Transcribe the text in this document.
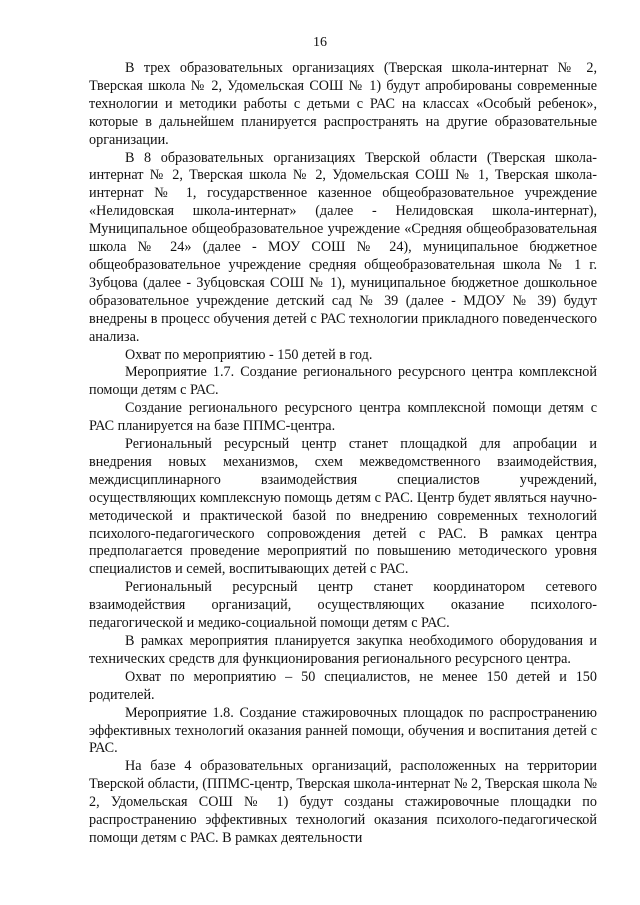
16

В трех образовательных организациях (Тверская школа-интернат № 2, Тверская школа № 2, Удомельская СОШ № 1) будут апробированы современные технологии и методики работы с детьми с РАС на классах «Особый ребенок», которые в дальнейшем планируется распространять на другие образовательные организации.

В 8 образовательных организациях Тверской области (Тверская школа-интернат № 2, Тверская школа № 2, Удомельская СОШ № 1, Тверская школа-интернат № 1, государственное казенное общеобразовательное учреждение «Нелидовская школа-интернат» (далее - Нелидовская школа-интернат), Муниципальное общеобразовательное учреждение «Средняя общеобразовательная школа № 24» (далее - МОУ СОШ № 24), муниципальное бюджетное общеобразовательное учреждение средняя общеобразовательная школа № 1 г. Зубцова (далее - Зубцовская СОШ № 1), муниципальное бюджетное дошкольное образовательное учреждение детский сад № 39 (далее - МДОУ № 39) будут внедрены в процесс обучения детей с РАС технологии прикладного поведенческого анализа.

Охват по мероприятию - 150 детей в год.

Мероприятие 1.7. Создание регионального ресурсного центра комплексной помощи детям с РАС.

Создание регионального ресурсного центра комплексной помощи детям с РАС планируется на базе ППМС-центра.

Региональный ресурсный центр станет площадкой для апробации и внедрения новых механизмов, схем межведомственного взаимодействия, междисциплинарного взаимодействия специалистов учреждений, осуществляющих комплексную помощь детям с РАС. Центр будет являться научно-методической и практической базой по внедрению современных технологий психолого-педагогического сопровождения детей с РАС. В рамках центра предполагается проведение мероприятий по повышению методического уровня специалистов и семей, воспитывающих детей с РАС.

Региональный ресурсный центр станет координатором сетевого взаимодействия организаций, осуществляющих оказание психолого-педагогической и медико-социальной помощи детям с РАС.

В рамках мероприятия планируется закупка необходимого оборудования и технических средств для функционирования регионального ресурсного центра.

Охват по мероприятию – 50 специалистов, не менее 150 детей и 150 родителей.

Мероприятие 1.8. Создание стажировочных площадок по распространению эффективных технологий оказания ранней помощи, обучения и воспитания детей с РАС.

На базе 4 образовательных организаций, расположенных на территории Тверской области, (ППМС-центр, Тверская школа-интернат № 2, Тверская школа № 2, Удомельская СОШ № 1) будут созданы стажировочные площадки по распространению эффективных технологий оказания психолого-педагогической помощи детям с РАС. В рамках деятельности
